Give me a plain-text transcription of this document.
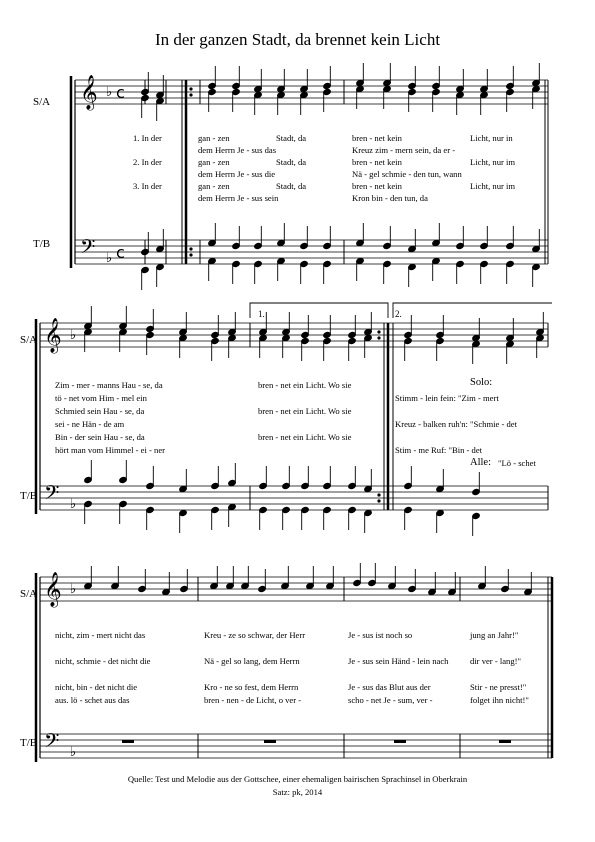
In der ganzen Stadt, da brennet kein Licht
𝄞
𝄢
♭
♭
c
c
𝄞
𝄢
♭
♭
𝄞
𝄢
♭
♭
S/A
T/B
S/A
T/B
S/A
T/B
1.	2.
1. In der	gan - zen	Stadt, da	bren - net kein	Licht, nur in
dem Herrn Je - sus das	Kreuz zim - mern sein, da er -
2. In der	gan - zen	Stadt, da	bren - net kein	Licht, nur im
dem Herrn Je - sus die	Nä - gel schmie - den tun, wann
3. In der	gan - zen	Stadt, da	bren - net kein	Licht, nur im
dem Herrn Je - sus sein	Kron bin - den tun, da
Zim - mer - manns Hau - se, da	bren - net ein Licht. Wo sie
tö - net vom Him - mel ein	Stimm - lein fein: "Zim - mert
Schmied sein Hau - se, da	bren - net ein Licht. Wo sie
sei - ne Hän - de am	Kreuz - balken ruh'n: "Schmie - det
Bin - der sein Hau - se, da	bren - net ein Licht. Wo sie
hört man vom Himmel - ei - ner	Stim - me Ruf: "Bin - det
Solo:
Alle: "Lö - schet
nicht, zim - mert nicht das	Kreu - ze so schwar, der Herr	Je - sus ist noch so	jung an Jahr!"
nicht, schmie - det nicht die	Nä - gel so lang, dem Herrn	Je - sus sein Händ - lein nach	dir ver - lang!"
nicht, bin - det nicht die	Kro - ne so fest, dem Herrn	Je - sus das Blut aus der	Stir - ne presst!"
aus. lö - schet aus das	bren - nen - de Licht, o ver -	scho - net Je - sum, ver -	folget ihn nicht!"
Quelle: Test und Melodie aus der Gottschee, einer ehemaligen bairischen Sprachinsel in Oberkrain
Satz: pk, 2014
